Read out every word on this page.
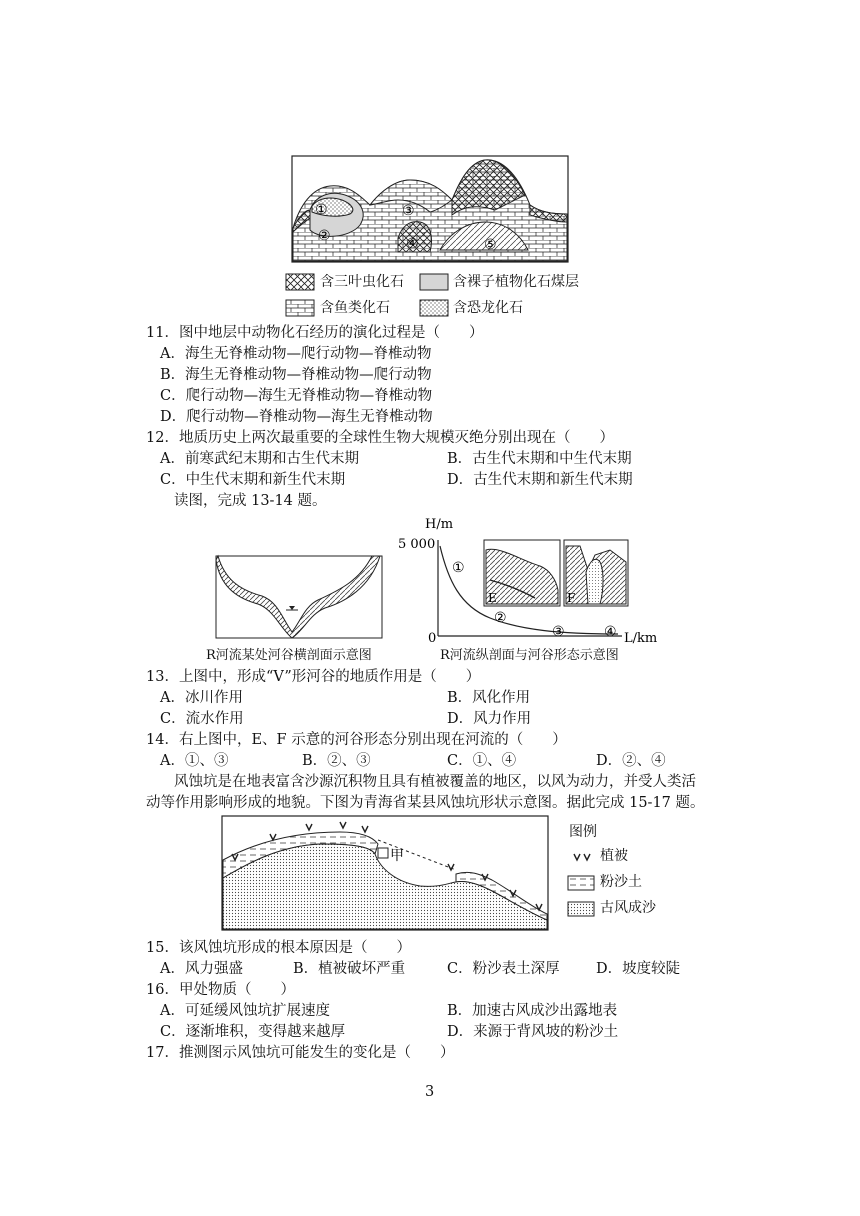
①
②
③
④	⑤
含三叶虫化石	含裸子植物化石煤层
含鱼类化石	含恐龙化石
11．图中地层中动物化石经历的演化过程是（　　）
A．海生无脊椎动物—爬行动物—脊椎动物
B．海生无脊椎动物—脊椎动物—爬行动物
C．爬行动物—海生无脊椎动物—脊椎动物
D．爬行动物—脊椎动物—海生无脊椎动物
12．地质历史上两次最重要的全球性生物大规模灭绝分别出现在（　　）
A．前寒武纪末期和古生代末期	B．古生代末期和中生代末期
C．中生代末期和新生代末期	D．古生代末期和新生代末期
读图，完成 13-14 题。
H/m
5 000
0	L/km
①
②
③	④
E	F
R河流某处河谷横剖面示意图	R河流纵剖面与河谷形态示意图
13．上图中，形成“V”形河谷的地质作用是（　　）
A．冰川作用	B．风化作用
C．流水作用	D．风力作用
14．右上图中，E、F 示意的河谷形态分别出现在河流的（　　）
A．①、③	B．②、③	C．①、④	D．②、④
风蚀坑是在地表富含沙源沉积物且具有植被覆盖的地区，以风为动力，并受人类活
动等作用影响形成的地貌。下图为青海省某县风蚀坑形状示意图。据此完成 15-17 题。
甲
图例
植被
粉沙土
古风成沙
15．该风蚀坑形成的根本原因是（　　）
A．风力强盛	B．植被破坏严重	C．粉沙表土深厚	D．坡度较陡
16．甲处物质（　　）
A．可延缓风蚀坑扩展速度	B．加速古风成沙出露地表
C．逐渐堆积，变得越来越厚	D．来源于背风坡的粉沙土
17．推测图示风蚀坑可能发生的变化是（　　）
3
